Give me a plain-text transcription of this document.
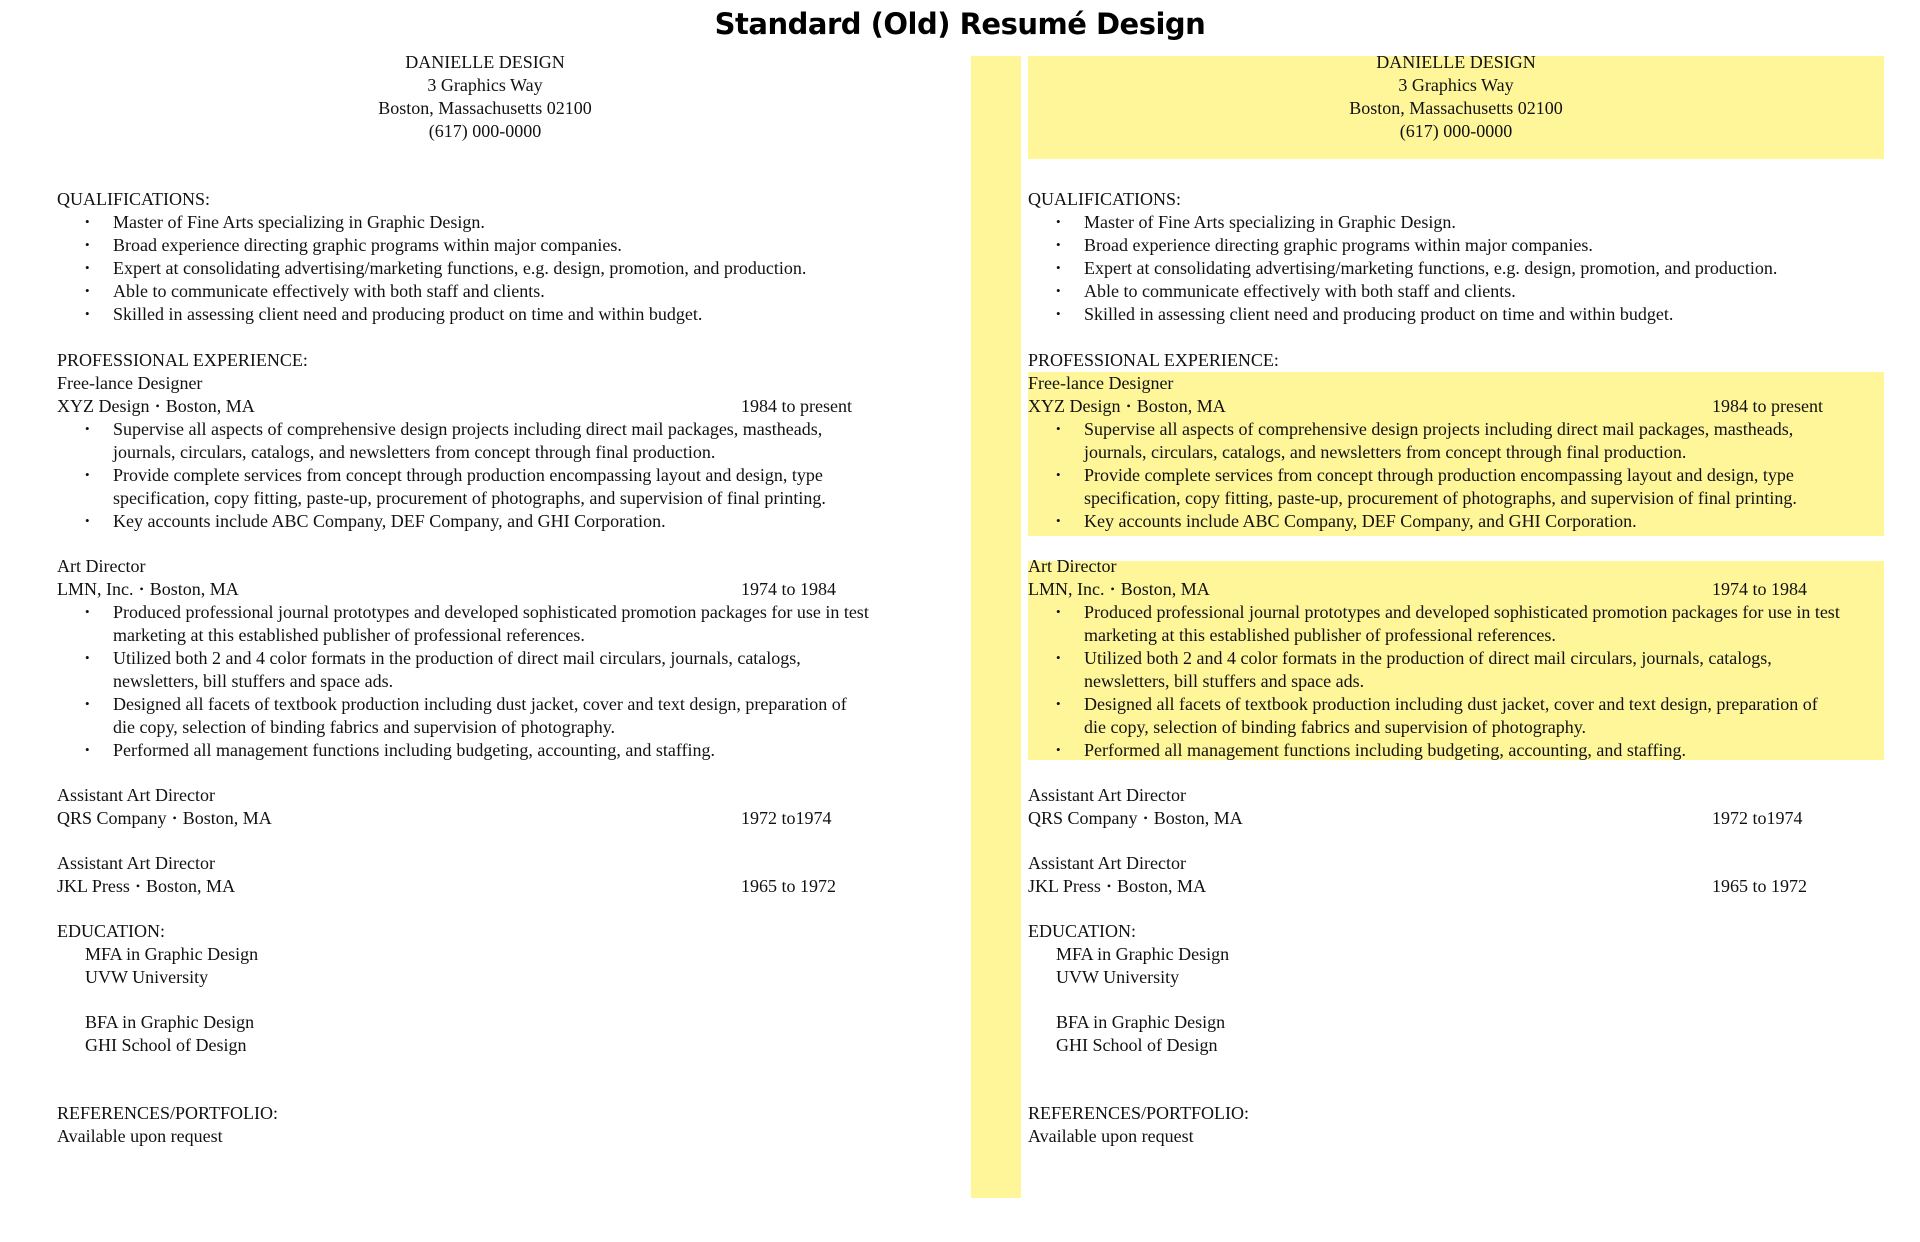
Standard (Old) Resumé Design
DANIELLE DESIGN
3 Graphics Way
Boston, Massachusetts 02100
(617) 000-0000
QUALIFICATIONS:
• Master of Fine Arts specializing in Graphic Design.
• Broad experience directing graphic programs within major companies.
• Expert at consolidating advertising/marketing functions, e.g. design, promotion, and production.
• Able to communicate effectively with both staff and clients.
• Skilled in assessing client need and producing product on time and within budget.
PROFESSIONAL EXPERIENCE:
Free-lance Designer
XYZ Design • Boston, MA	1984 to present
• Supervise all aspects of comprehensive design projects including direct mail packages, mastheads,
journals, circulars, catalogs, and newsletters from concept through final production.
• Provide complete services from concept through production encompassing layout and design, type
specification, copy fitting, paste-up, procurement of photographs, and supervision of final printing.
• Key accounts include ABC Company, DEF Company, and GHI Corporation.
Art Director
LMN, Inc. • Boston, MA	1974 to 1984
• Produced professional journal prototypes and developed sophisticated promotion packages for use in test
marketing at this established publisher of professional references.
• Utilized both 2 and 4 color formats in the production of direct mail circulars, journals, catalogs,
newsletters, bill stuffers and space ads.
• Designed all facets of textbook production including dust jacket, cover and text design, preparation of
die copy, selection of binding fabrics and supervision of photography.
• Performed all management functions including budgeting, accounting, and staffing.
Assistant Art Director
QRS Company • Boston, MA	1972 to1974
Assistant Art Director
JKL Press • Boston, MA	1965 to 1972
EDUCATION:
MFA in Graphic Design
UVW University
BFA in Graphic Design
GHI School of Design
REFERENCES/PORTFOLIO:
Available upon request
DANIELLE DESIGN
3 Graphics Way
Boston, Massachusetts 02100
(617) 000-0000
QUALIFICATIONS:
• Master of Fine Arts specializing in Graphic Design.
• Broad experience directing graphic programs within major companies.
• Expert at consolidating advertising/marketing functions, e.g. design, promotion, and production.
• Able to communicate effectively with both staff and clients.
• Skilled in assessing client need and producing product on time and within budget.
PROFESSIONAL EXPERIENCE:
Free-lance Designer
XYZ Design • Boston, MA	1984 to present
• Supervise all aspects of comprehensive design projects including direct mail packages, mastheads,
journals, circulars, catalogs, and newsletters from concept through final production.
• Provide complete services from concept through production encompassing layout and design, type
specification, copy fitting, paste-up, procurement of photographs, and supervision of final printing.
• Key accounts include ABC Company, DEF Company, and GHI Corporation.
Art Director
LMN, Inc. • Boston, MA	1974 to 1984
• Produced professional journal prototypes and developed sophisticated promotion packages for use in test
marketing at this established publisher of professional references.
• Utilized both 2 and 4 color formats in the production of direct mail circulars, journals, catalogs,
newsletters, bill stuffers and space ads.
• Designed all facets of textbook production including dust jacket, cover and text design, preparation of
die copy, selection of binding fabrics and supervision of photography.
• Performed all management functions including budgeting, accounting, and staffing.
Assistant Art Director
QRS Company • Boston, MA	1972 to1974
Assistant Art Director
JKL Press • Boston, MA	1965 to 1972
EDUCATION:
MFA in Graphic Design
UVW University
BFA in Graphic Design
GHI School of Design
REFERENCES/PORTFOLIO:
Available upon request
